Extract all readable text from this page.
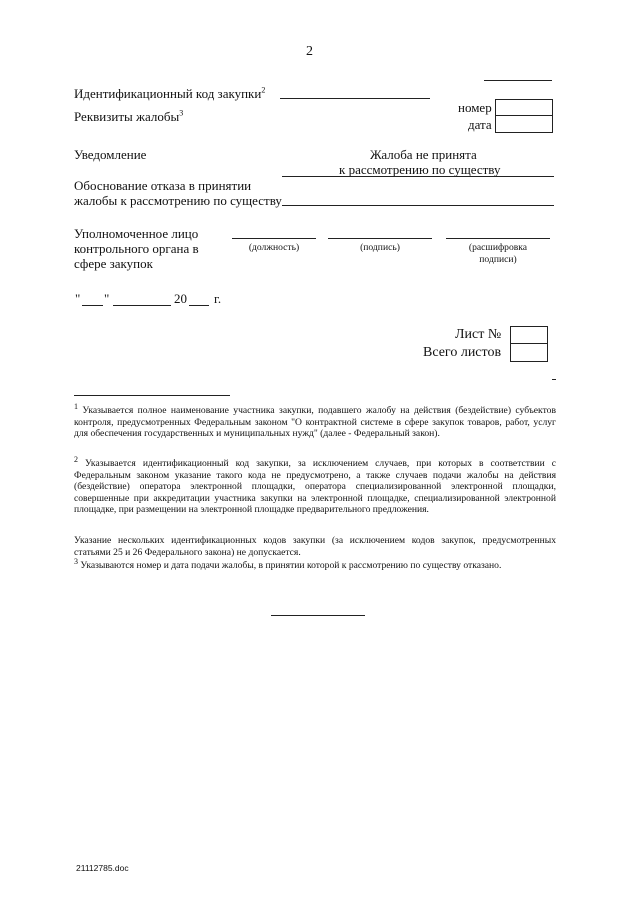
2
Идентификационный код закупки$^2$
Реквизиты жалобы$^3$	номер
дата
Уведомление	Жалоба не принята
к рассмотрению по существу
Обоснование отказа в принятии
жалобы к рассмотрению по существу
Уполномоченное лицо
контрольного органа в
сфере закупок
(должность)	(подпись)	(расшифровка
подписи)
" "	20 г.
Лист №
Всего листов
$^1$ Указывается полное наименование участника закупки, подавшего жалобу на действия (бездействие) субъектов контроля, предусмотренных Федеральным законом "О контрактной системе в сфере закупок товаров, работ, услуг для обеспечения государственных и муниципальных нужд" (далее - Федеральный закон).
$^2$ Указывается идентификационный код закупки, за исключением случаев, при которых в соответствии с Федеральным законом указание такого кода не предусмотрено, а также случаев подачи жалобы на действия (бездействие) оператора электронной площадки, оператора специализированной электронной площадки, совершенные при аккредитации участника закупки на электронной площадке, специализированной электронной площадке, при размещении на электронной площадке предварительного предложения.
Указание нескольких идентификационных кодов закупки (за исключением кодов закупок, предусмотренных статьями 25 и 26 Федерального закона) не допускается.
$^3$ Указываются номер и дата подачи жалобы, в принятии которой к рассмотрению по существу отказано.
21112785.doc
